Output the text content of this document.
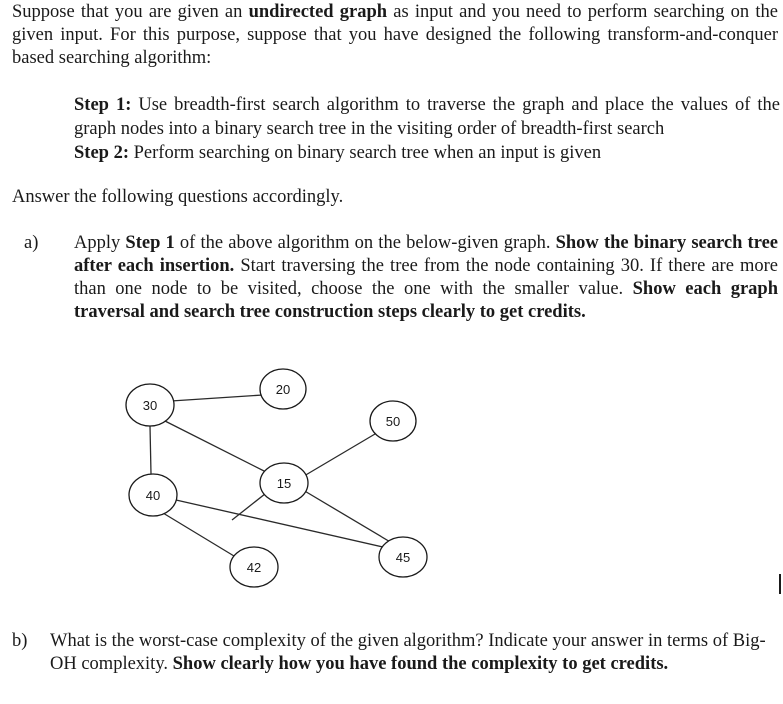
Suppose that you are given an undirected graph as input and you need to perform searching on the given input. For this purpose, suppose that you have designed the following transform-and-conquer based searching algorithm:

Step 1: Use breadth-first search algorithm to traverse the graph and place the values of the graph nodes into a binary search tree in the visiting order of breadth-first search
Step 2: Perform searching on binary search tree when an input is given

Answer the following questions accordingly.

a) Apply Step 1 of the above algorithm on the below-given graph. Show the binary search tree after each insertion. Start traversing the tree from the node containing 30. If there are more than one node to be visited, choose the one with the smaller value. Show each graph traversal and search tree construction steps clearly to get credits.
30
20
50
15
40
45
42
b) What is the worst-case complexity of the given algorithm? Indicate your answer in terms of Big-OH complexity. Show clearly how you have found the complexity to get credits.
